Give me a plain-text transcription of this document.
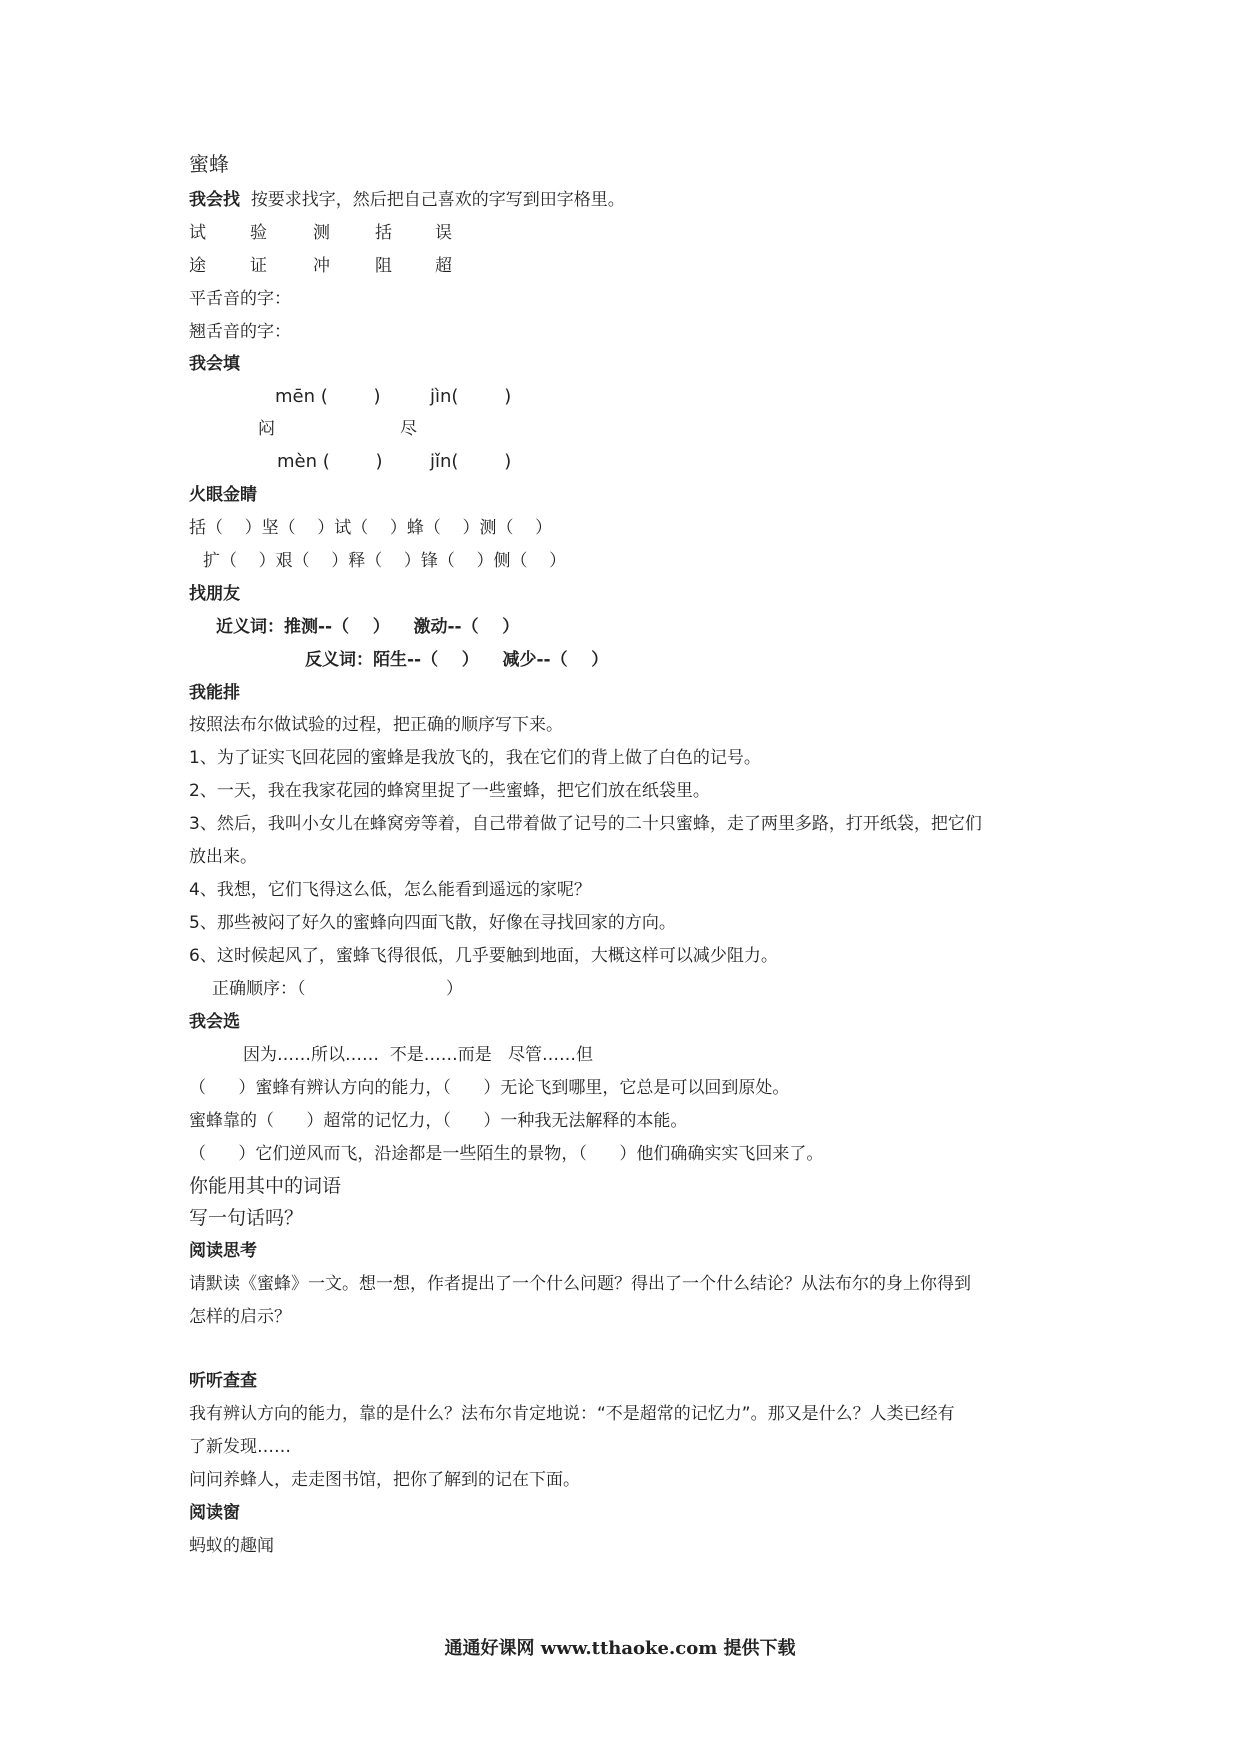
蜜蜂
我会找 按要求找字，然后把自己喜欢的字写到田字格里。
试	验	测	括	误
途	证	冲	阻	超
平舌音的字：
翘舌音的字：
我会填
mēn (        )	jìn(        )
闷	尽
mèn (        )	jǐn(        )
火眼金睛
括（    ）坚（    ）试（    ）蜂（    ）测（    ）
扩（    ）艰（    ）释（    ）锋（    ）侧（    ）
找朋友
近义词：推测--（    ）    激动--（    ）
反义词：陌生--（    ）    减少--（    ）
我能排
按照法布尔做试验的过程，把正确的顺序写下来。
1、为了证实飞回花园的蜜蜂是我放飞的，我在它们的背上做了白色的记号。
2、一天，我在我家花园的蜂窝里捉了一些蜜蜂，把它们放在纸袋里。
3、然后，我叫小女儿在蜂窝旁等着，自己带着做了记号的二十只蜜蜂，走了两里多路，打开纸袋，把它们
放出来。
4、我想，它们飞得这么低，怎么能看到遥远的家呢？
5、那些被闷了好久的蜜蜂向四面飞散，好像在寻找回家的方向。
6、这时候起风了，蜜蜂飞得很低，几乎要触到地面，大概这样可以减少阻力。
正确顺序：（                          ）
我会选
因为……所以……  不是……而是   尽管……但
（      ）蜜蜂有辨认方向的能力，（      ）无论飞到哪里，它总是可以回到原处。
蜜蜂靠的（      ）超常的记忆力，（      ）一种我无法解释的本能。
（      ）它们逆风而飞，沿途都是一些陌生的景物，（      ）他们确确实实飞回来了。
你能用其中的词语
写一句话吗？
阅读思考
请默读《蜜蜂》一文。想一想，作者提出了一个什么问题？得出了一个什么结论？从法布尔的身上你得到
怎样的启示？
听听查查
我有辨认方向的能力，靠的是什么？法布尔肯定地说：“不是超常的记忆力”。那又是什么？人类已经有
了新发现……
问问养蜂人，走走图书馆，把你了解到的记在下面。
阅读窗
蚂蚁的趣闻
通通好课网 www.tthaoke.com 提供下载
